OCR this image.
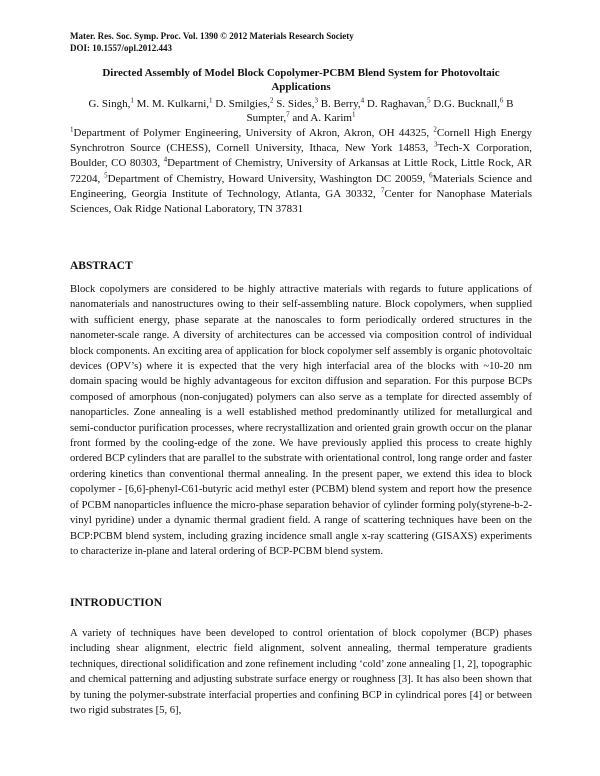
Mater. Res. Soc. Symp. Proc. Vol. 1390 © 2012 Materials Research Society
DOI: 10.1557/opl.2012.443
Directed Assembly of Model Block Copolymer-PCBM Blend System for Photovoltaic
Applications
G. Singh,$^1$ M. M. Kulkarni,$^1$ D. Smilgies,$^2$ S. Sides,$^3$ B. Berry,$^4$ D. Raghavan,$^5$ D.G. Bucknall,$^6$ B Sumpter,$^7$ and A. Karim$^1$
$^1$Department of Polymer Engineering, University of Akron, Akron, OH 44325, $^2$Cornell High Energy Synchrotron Source (CHESS), Cornell University, Ithaca, New York 14853, $^3$Tech-X Corporation, Boulder, CO 80303, $^4$Department of Chemistry, University of Arkansas at Little Rock, Little Rock, AR 72204, $^5$Department of Chemistry, Howard University, Washington DC 20059, $^6$Materials Science and Engineering, Georgia Institute of Technology, Atlanta, GA 30332, $^7$Center for Nanophase Materials Sciences, Oak Ridge National Laboratory, TN 37831
ABSTRACT
Block copolymers are considered to be highly attractive materials with regards to future applications of nanomaterials and nanostructures owing to their self-assembling nature. Block copolymers, when supplied with sufficient energy, phase separate at the nanoscales to form periodically ordered structures in the nanometer-scale range. A diversity of architectures can be accessed via composition control of individual block components. An exciting area of application for block copolymer self assembly is organic photovoltaic devices (OPV’s) where it is expected that the very high interfacial area of the blocks with ~10-20 nm domain spacing would be highly advantageous for exciton diffusion and separation. For this purpose BCPs composed of amorphous (non-conjugated) polymers can also serve as a template for directed assembly of nanoparticles. Zone annealing is a well established method predominantly utilized for metallurgical and semi-conductor purification processes, where recrystallization and oriented grain growth occur on the planar front formed by the cooling-edge of the zone. We have previously applied this process to create highly ordered BCP cylinders that are parallel to the substrate with orientational control, long range order and faster ordering kinetics than conventional thermal annealing. In the present paper, we extend this idea to block copolymer - [6,6]-phenyl-C61-butyric acid methyl ester (PCBM) blend system and report how the presence of PCBM nanoparticles influence the micro-phase separation behavior of cylinder forming poly(styrene-b-2-vinyl pyridine) under a dynamic thermal gradient field. A range of scattering techniques have been on the BCP:PCBM blend system, including grazing incidence small angle x-ray scattering (GISAXS) experiments to characterize in-plane and lateral ordering of BCP-PCBM blend system.
INTRODUCTION
A variety of techniques have been developed to control orientation of block copolymer (BCP) phases including shear alignment, electric field alignment, solvent annealing, thermal temperature gradients techniques, directional solidification and zone refinement including ‘cold’ zone annealing [1, 2], topographic and chemical patterning and adjusting substrate surface energy or roughness [3]. It has also been shown that by tuning the polymer-substrate interfacial properties and confining BCP in cylindrical pores [4] or between two rigid substrates [5, 6],
